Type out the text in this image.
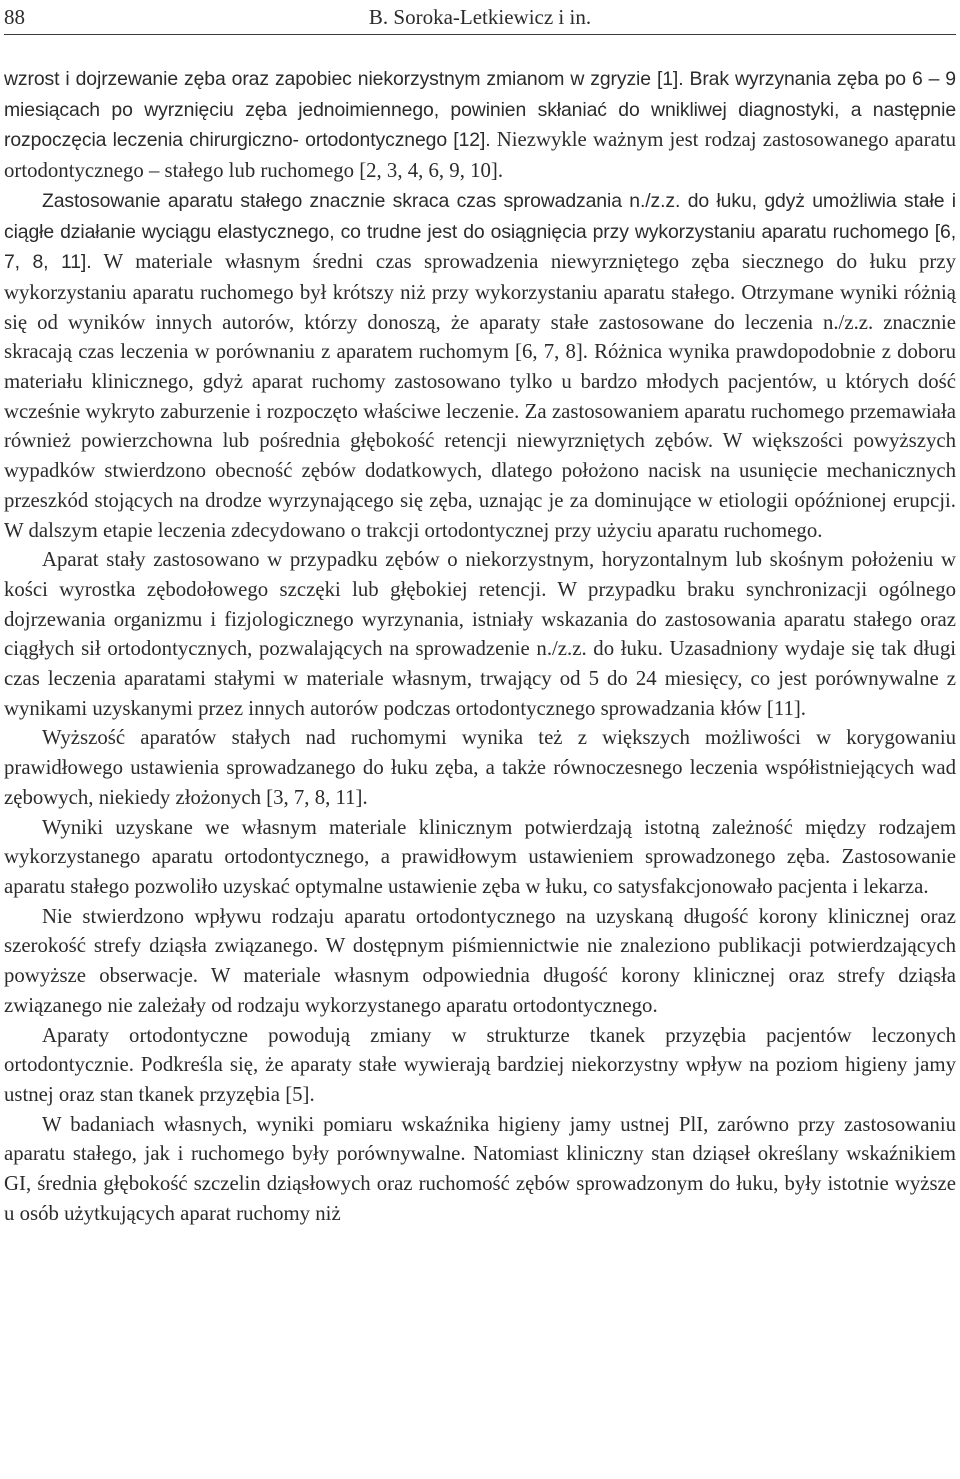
88	B. Soroka-Letkiewicz i in.

wzrost i dojrzewanie zęba oraz zapobiec niekorzystnym zmianom w zgryzie [1]. Brak wyrzynania zęba po 6 – 9 miesiącach po wyrznięciu zęba jednoimiennego, powinien skłaniać do wnikliwej diagnostyki, a następnie rozpoczęcia leczenia chirurgiczno- ortodontycznego [12]. Niezwykle ważnym jest rodzaj zastosowanego aparatu ortodontycznego – stałego lub ruchomego [2, 3, 4, 6, 9, 10].

Zastosowanie aparatu stałego znacznie skraca czas sprowadzania n./z.z. do łuku, gdyż umożliwia stałe i ciągłe działanie wyciągu elastycznego, co trudne jest do osiągnięcia przy wykorzystaniu aparatu ruchomego [6, 7, 8, 11]. W materiale własnym średni czas sprowadzenia niewyrzniętego zęba siecznego do łuku przy wykorzystaniu aparatu ruchomego był krótszy niż przy wykorzystaniu aparatu stałego. Otrzymane wyniki różnią się od wyników innych autorów, którzy donoszą, że aparaty stałe zastosowane do leczenia n./z.z. znacznie skracają czas leczenia w porównaniu z aparatem ruchomym [6, 7, 8]. Różnica wynika prawdopodobnie z doboru materiału klinicznego, gdyż aparat ruchomy zastosowano tylko u bardzo młodych pacjentów, u których dość wcześnie wykryto zaburzenie i rozpoczęto właściwe leczenie. Za zastosowaniem aparatu ruchomego przemawiała również powierzchowna lub pośrednia głębokość retencji niewyrzniętych zębów. W większości powyższych wypadków stwierdzono obecność zębów dodatkowych, dlatego położono nacisk na usunięcie mechanicznych przeszkód stojących na drodze wyrzynającego się zęba, uznając je za dominujące w etiologii opóźnionej erupcji. W dalszym etapie leczenia zdecydowano o trakcji ortodontycznej przy użyciu aparatu ruchomego.

Aparat stały zastosowano w przypadku zębów o niekorzystnym, horyzontalnym lub skośnym położeniu w kości wyrostka zębodołowego szczęki lub głębokiej retencji. W przypadku braku synchronizacji ogólnego dojrzewania organizmu i fizjologicznego wyrzynania, istniały wskazania do zastosowania aparatu stałego oraz ciągłych sił ortodontycznych, pozwalających na sprowadzenie n./z.z. do łuku. Uzasadniony wydaje się tak długi czas leczenia aparatami stałymi w materiale własnym, trwający od 5 do 24 miesięcy, co jest porównywalne z wynikami uzyskanymi przez innych autorów podczas ortodontycznego sprowadzania kłów [11].

Wyższość aparatów stałych nad ruchomymi wynika też z większych możliwości w korygowaniu prawidłowego ustawienia sprowadzanego do łuku zęba, a także równoczesnego leczenia współistniejących wad zębowych, niekiedy złożonych [3, 7, 8, 11].

Wyniki uzyskane we własnym materiale klinicznym potwierdzają istotną zależność między rodzajem wykorzystanego aparatu ortodontycznego, a prawidłowym ustawieniem sprowadzonego zęba. Zastosowanie aparatu stałego pozwoliło uzyskać optymalne ustawienie zęba w łuku, co satysfakcjonowało pacjenta i lekarza.

Nie stwierdzono wpływu rodzaju aparatu ortodontycznego na uzyskaną długość korony klinicznej oraz szerokość strefy dziąsła związanego. W dostępnym piśmiennictwie nie znaleziono publikacji potwierdzających powyższe obserwacje. W materiale własnym odpowiednia długość korony klinicznej oraz strefy dziąsła związanego nie zależały od rodzaju wykorzystanego aparatu ortodontycznego.

Aparaty ortodontyczne powodują zmiany w strukturze tkanek przyzębia pacjentów leczonych ortodontycznie. Podkreśla się, że aparaty stałe wywierają bardziej niekorzystny wpływ na poziom higieny jamy ustnej oraz stan tkanek przyzębia [5].

W badaniach własnych, wyniki pomiaru wskaźnika higieny jamy ustnej PlI, zarówno przy zastosowaniu aparatu stałego, jak i ruchomego były porównywalne. Natomiast kliniczny stan dziąseł określany wskaźnikiem GI, średnia głębokość szczelin dziąsłowych oraz ruchomość zębów sprowadzonym do łuku, były istotnie wyższe u osób użytkujących aparat ruchomy niż
